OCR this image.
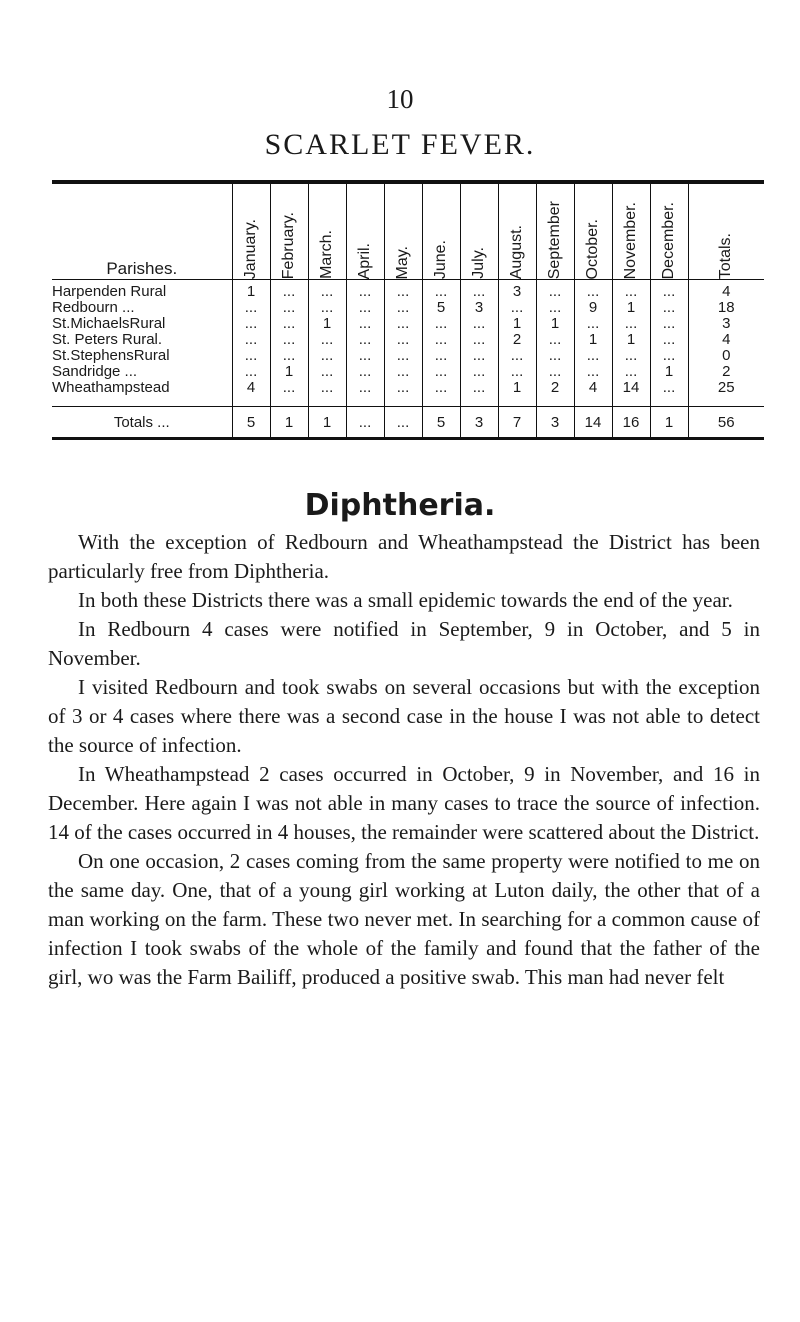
10
SCARLET FEVER.
Parishes.	January.	February.	March.	April.	May.	June.	July.	August.	September	October.	November.	December.	Totals.

Harpenden Rural	1	...	...	...	...	...	...	3	...	...	...	...	4
Redbourn ...	...	...	...	...	...	5	3	...	...	9	1	...	18
St.MichaelsRural	...	...	1	...	...	...	...	1	1	...	...	...	3
St. Peters Rural.	...	...	...	...	...	...	...	2	...	1	1	...	4
St.StephensRural	...	...	...	...	...	...	...	...	...	...	...	...	0
Sandridge ...	...	1	...	...	...	...	...	...	...	...	...	1	2
Wheathampstead	4	...	...	...	...	...	...	1	2	4	14	...	25
Totals ...	5	1	1	...	...	5	3	7	3	14	16	1	56
Diphtheria.

With the exception of Redbourn and Wheathampstead the District has been particularly free from Diphtheria.

In both these Districts there was a small epidemic towards the end of the year.

In Redbourn 4 cases were notified in September, 9 in October, and 5 in November.

I visited Redbourn and took swabs on several occasions but with the exception of 3 or 4 cases where there was a second case in the house I was not able to detect the source of infection.

In Wheathampstead 2 cases occurred in October, 9 in November, and 16 in December. Here again I was not able in many cases to trace the source of infection. 14 of the cases occurred in 4 houses, the remainder were scattered about the District.

On one occasion, 2 cases coming from the same property were notified to me on the same day. One, that of a young girl working at Luton daily, the other that of a man working on the farm. These two never met. In searching for a common cause of infection I took swabs of the whole of the family and found that the father of the girl, wo was the Farm Bailiff, produced a positive swab. This man had never felt
